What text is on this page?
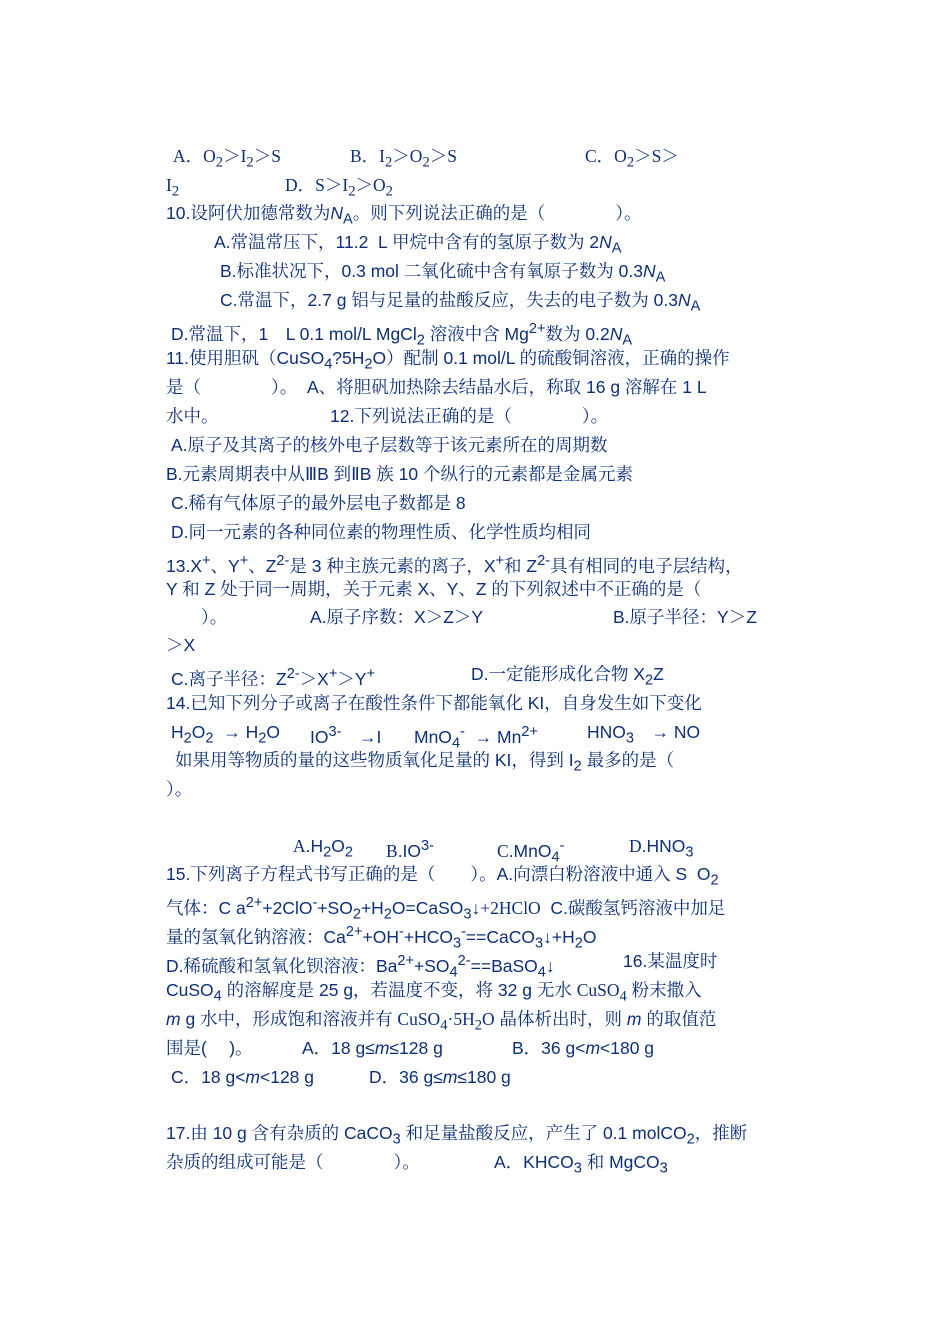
A．$O_2>I_2>S$	B．$I_2>O_2>S$	C．$O_2>S>$
$I_2$	D．$S>I_2>O_2$
10.设阿伏加德常数为$N_A$。则下列说法正确的是（　　　　）。
A.常温常压下，11.2  L 甲烷中含有的氢原子数为 $2N_A$
B.标准状况下，0.3 mol 二氧化硫中含有氧原子数为 $0.3N_A$
C.常温下，2.7 g 铝与足量的盐酸反应，失去的电子数为 $0.3N_A$
D.常温下，1　L 0.1 mol/L MgCl$_2$ 溶液中含 $Mg^{2+}$数为 $0.2N_A$
11.使用胆矾$(CuSO_4?5H_2O)$配制 0.1 mol/L 的硫酸铜溶液，正确的操作
是（　　　　）。  A、将胆矾加热除去结晶水后，称取 16 g 溶解在 1 L
水中。	12.下列说法正确的是（　　　　）。
A.原子及其离子的核外电子层数等于该元素所在的周期数
B.元素周期表中从ⅢB 到ⅡB 族 10 个纵行的元素都是金属元素
C.稀有气体原子的最外层电子数都是 8
D.同一元素的各种同位素的物理性质、化学性质均相同
13.X+、Y+、$Z^{2-}$是 3 种主族元素的离子，X+和 $Z^{2-}$具有相同的电子层结构，
Y 和 Z 处于同一周期，关于元素 X、Y、Z 的下列叙述中不正确的是（
　　）。	A.原子序数：X＞Z＞Y	B.原子半径：Y＞Z
＞X
C.离子半径：$Z^{2-}>X^+>Y^+$	D.一定能形成化合物 $X_2Z$
14.已知下列分子或离子在酸性条件下都能氧化 KI，自身发生如下变化
$H_2O_2 \to H_2O$ $IO^{3-}$　→I $MnO_4^- \to Mn^{2+}$	$HNO_3$　→ NO
如果用等物质的量的这些物质氧化足量的 KI，得到 $I_2$ 最多的是（
）。
$A.H_2O_2$ $B.IO^{3-}$	C.MnO$_4$-	$D.HNO_3$
15.下列离子方程式书写正确的是（　　）。A.向漂白粉溶液中通入 S  $O_2$
气体：C $a^{2+}+2ClO^-+SO_2+H_2O=CaSO_3↓+2HClO$  C.碳酸氢钙溶液中加足
量的氢氧化钠溶液：$Ca^{2+}+OH^-+HCO_3^-==CaCO_3↓+H_2O$
D.稀硫酸和氢氧化钡溶液：$Ba^{2+}+SO_4^{2-}==BaSO_4↓$	16.某温度时
CuSO$_4$ 的溶解度是 25 g，若温度不变，将 32 g 无水 CuSO$_4$ 粉末撒入
m g 水中，形成饱和溶液并有 $CuSO_4\cdot 5H_2O$ 晶体析出时，则 m 的取值范
围是(　 )。	A．18 g≤m≤128 g	B．36 g<m<180 g
C．18 g<m<128 g	D．36 g≤m≤180 g
17.由 10 g 含有杂质的 CaCO$_3$ 和足量盐酸反应，产生了 0.1 molCO$_2$，推断
杂质的组成可能是（　　　　）。	A．$KHCO_3$ 和 MgCO$_3$
